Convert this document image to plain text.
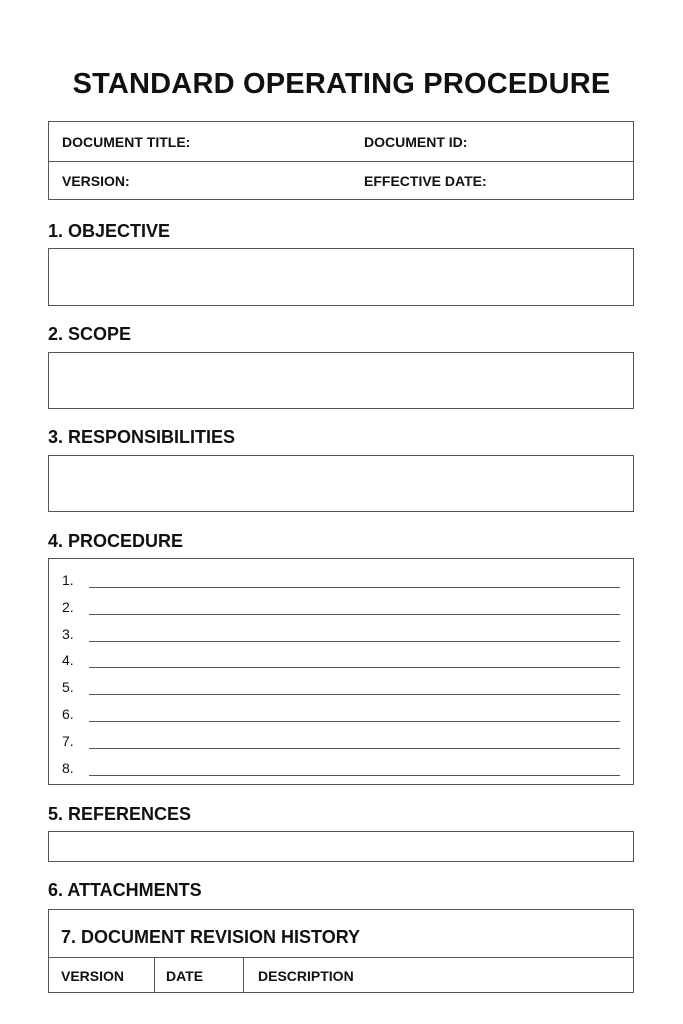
STANDARD OPERATING PROCEDURE
DOCUMENT TITLE:	DOCUMENT ID:
VERSION:	EFFECTIVE DATE:
1. OBJECTIVE
2. SCOPE
3. RESPONSIBILITIES
4. PROCEDURE
1.
2.
3.
4.
5.
6.
7.
8.
5. REFERENCES
6. ATTACHMENTS
7. DOCUMENT REVISION HISTORY
VERSION	DATE	DESCRIPTION
